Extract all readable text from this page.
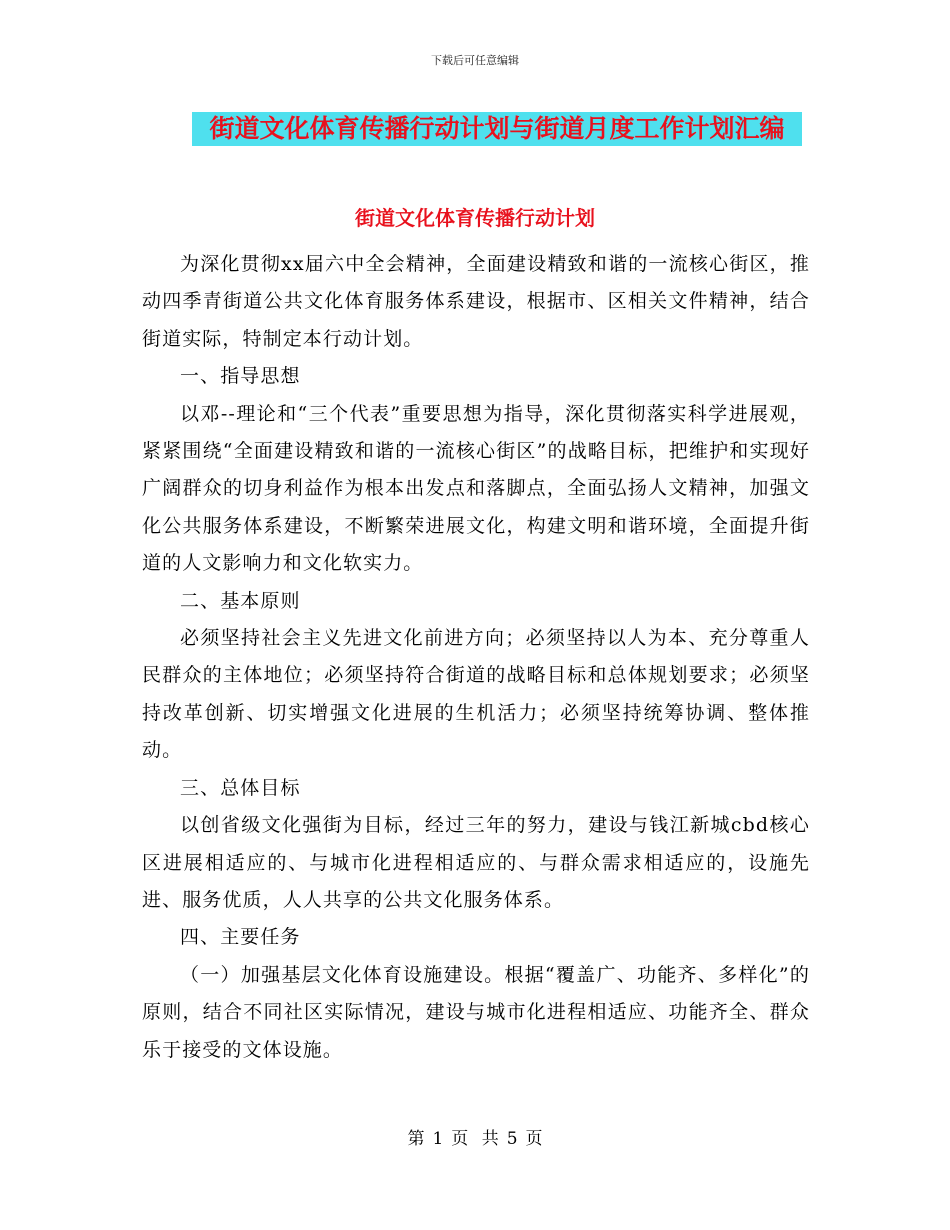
下载后可任意编辑
街道文化体育传播行动计划与街道月度工作计划汇编
街道文化体育传播行动计划

为深化贯彻xx届六中全会精神，全面建设精致和谐的一流核心街区，推动四季青街道公共文化体育服务体系建设，根据市、区相关文件精神，结合街道实际，特制定本行动计划。

一、指导思想

以邓--理论和“三个代表”重要思想为指导，深化贯彻落实科学进展观，紧紧围绕“全面建设精致和谐的一流核心街区”的战略目标，把维护和实现好广阔群众的切身利益作为根本出发点和落脚点，全面弘扬人文精神，加强文化公共服务体系建设，不断繁荣进展文化，构建文明和谐环境，全面提升街道的人文影响力和文化软实力。

二、基本原则

必须坚持社会主义先进文化前进方向；必须坚持以人为本、充分尊重人民群众的主体地位；必须坚持符合街道的战略目标和总体规划要求；必须坚持改革创新、切实增强文化进展的生机活力；必须坚持统筹协调、整体推动。

三、总体目标

以创省级文化强街为目标，经过三年的努力，建设与钱江新城cbd核心区进展相适应的、与城市化进程相适应的、与群众需求相适应的，设施先进、服务优质，人人共享的公共文化服务体系。

四、主要任务

（一）加强基层文化体育设施建设。根据“覆盖广、功能齐、多样化”的原则，结合不同社区实际情况，建设与城市化进程相适应、功能齐全、群众乐于接受的文体设施。

第 1 页 共 5 页
